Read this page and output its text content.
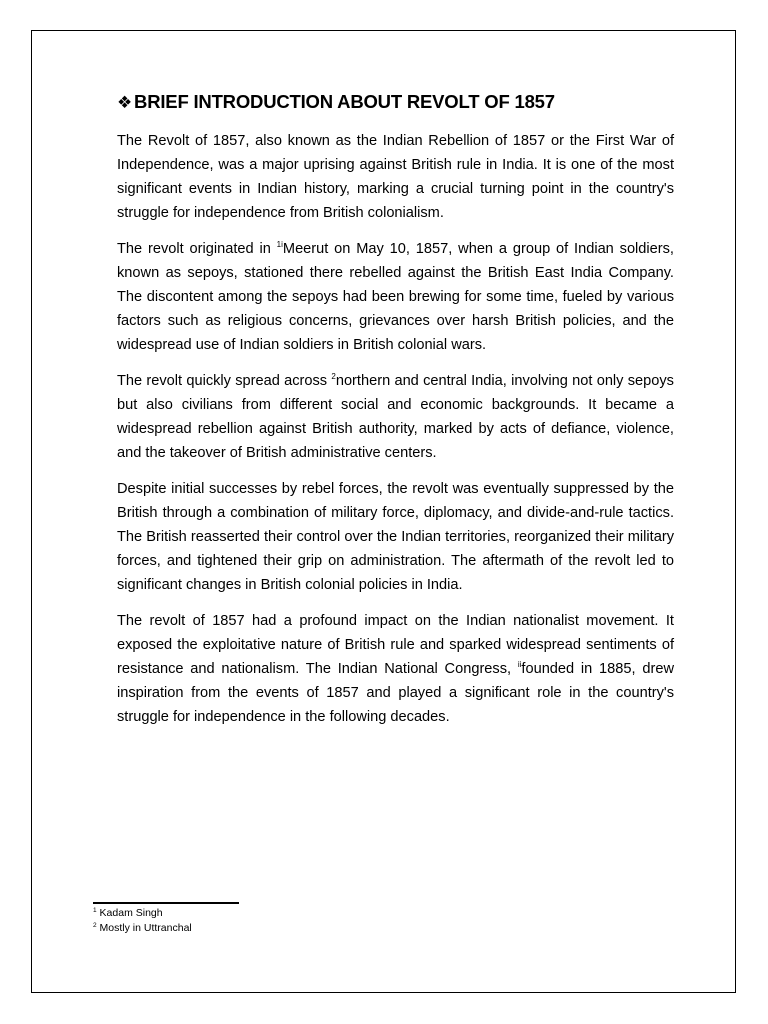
❖ BRIEF INTRODUCTION ABOUT REVOLT OF 1857

The Revolt of 1857, also known as the Indian Rebellion of 1857 or the First War of Independence, was a major uprising against British rule in India. It is one of the most significant events in Indian history, marking a crucial turning point in the country's struggle for independence from British colonialism.

The revolt originated in $^{1i}$Meerut on May 10, 1857, when a group of Indian soldiers, known as sepoys, stationed there rebelled against the British East India Company. The discontent among the sepoys had been brewing for some time, fueled by various factors such as religious concerns, grievances over harsh British policies, and the widespread use of Indian soldiers in British colonial wars.

The revolt quickly spread across $^2$northern and central India, involving not only sepoys but also civilians from different social and economic backgrounds. It became a widespread rebellion against British authority, marked by acts of defiance, violence, and the takeover of British administrative centers.

Despite initial successes by rebel forces, the revolt was eventually suppressed by the British through a combination of military force, diplomacy, and divide-and-rule tactics. The British reasserted their control over the Indian territories, reorganized their military forces, and tightened their grip on administration. The aftermath of the revolt led to significant changes in British colonial policies in India.

The revolt of 1857 had a profound impact on the Indian nationalist movement. It exposed the exploitative nature of British rule and sparked widespread sentiments of resistance and nationalism. The Indian National Congress, $^{ii}$founded in 1885, drew inspiration from the events of 1857 and played a significant role in the country's struggle for independence in the following decades.

$^1$ Kadam Singh
$^2$ Mostly in Uttranchal
